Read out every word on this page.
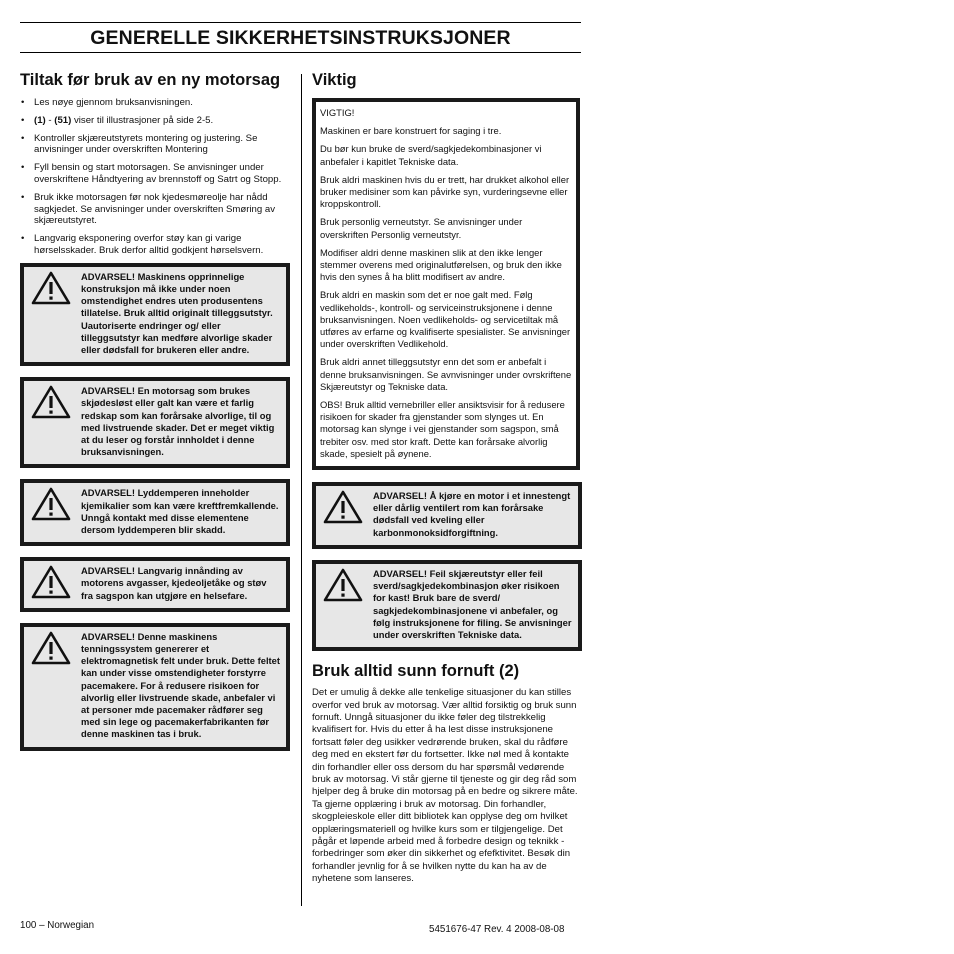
GENERELLE SIKKERHETSINSTRUKSJONER
Tiltak før bruk av en ny motorsag
• Les nøye gjennom bruksanvisningen.
• (1) - (51) viser til illustrasjoner på side 2-5.
• Kontroller skjæreutstyrets montering og justering. Se anvisninger under overskriften Montering
• Fyll bensin og start motorsagen. Se anvisninger under overskriftene Håndtyering av brennstoff og Satrt og Stopp.
• Bruk ikke motorsagen før nok kjedesmøreolje har nådd sagkjedet. Se anvisninger under overskriften Smøring av skjæreutstyret.
• Langvarig eksponering overfor støy kan gi varige hørselsskader. Bruk derfor alltid godkjent hørselsvern.
ADVARSEL! Maskinens opprinnelige konstruksjon må ikke under noen omstendighet endres uten produsentens tillatelse. Bruk alltid originalt tilleggsutstyr. Uautoriserte endringer og/ eller tilleggsutstyr kan medføre alvorlige skader eller dødsfall for brukeren eller andre.
ADVARSEL! En motorsag som brukes skjødesløst eller galt kan være et farlig redskap som kan forårsake alvorlige, til og med livstruende skader. Det er meget viktig at du leser og forstår innholdet i denne bruksanvisningen.
ADVARSEL! Lyddemperen inneholder kjemikalier som kan være kreftfremkallende. Unngå kontakt med disse elementene dersom lyddemperen blir skadd.
ADVARSEL! Langvarig innånding av motorens avgasser, kjedeoljetåke og støv fra sagspon kan utgjøre en helsefare.
ADVARSEL! Denne maskinens tenningssystem genererer et elektromagnetisk felt under bruk. Dette feltet kan under visse omstendigheter forstyrre pacemakere. For å redusere risikoen for alvorlig eller livstruende skade, anbefaler vi at personer mde pacemaker rådfører seg med sin lege og pacemakerfabrikanten før denne maskinen tas i bruk.
Viktig

VIGTIG!

Maskinen er bare konstruert for saging i tre.

Du bør kun bruke de sverd/sagkjedekombinasjoner vi anbefaler i kapitlet Tekniske data.

Bruk aldri maskinen hvis du er trett, har drukket alkohol eller bruker medisiner som kan påvirke syn, vurderingsevne eller kroppskontroll.

Bruk personlig verneutstyr. Se anvisninger under overskriften Personlig verneutstyr.

Modifiser aldri denne maskinen slik at den ikke lenger stemmer overens med originalutførelsen, og bruk den ikke hvis den synes å ha blitt modifisert av andre.

Bruk aldri en maskin som det er noe galt med. Følg vedlikeholds-, kontroll- og serviceinstruksjonene i denne bruksanvisningen. Noen vedlikeholds- og servicetiltak må utføres av erfarne og kvalifiserte spesialister. Se anvisninger under overskriften Vedlikehold.

Bruk aldri annet tilleggsutstyr enn det som er anbefalt i denne bruksanvisningen. Se avnvisninger under ovrskriftene Skjæreutstyr og Tekniske data.

OBS! Bruk alltid vernebriller eller ansiktsvisir for å redusere risikoen for skader fra gjenstander som slynges ut. En motorsag kan slynge i vei gjenstander som sagspon, små trebiter osv. med stor kraft. Dette kan forårsake alvorlig skade, spesielt på øynene.

ADVARSEL! Å kjøre en motor i et innestengt eller dårlig ventilert rom kan forårsake dødsfall ved kveling eller karbonmonoksidforgiftning.
ADVARSEL! Feil skjæreutstyr eller feil sverd/sagkjedekombinasjon øker risikoen for kast! Bruk bare de sverd/ sagkjedekombinasjonene vi anbefaler, og følg instruksjonene for filing. Se anvisninger under overskriften Tekniske data.
Bruk alltid sunn fornuft (2)
Det er umulig å dekke alle tenkelige situasjoner du kan stilles overfor ved bruk av motorsag. Vær alltid forsiktig og bruk sunn fornuft. Unngå situasjoner du ikke føler deg tilstrekkelig kvalifisert for. Hvis du etter å ha lest disse instruksjonene fortsatt føler deg usikker vedrørende bruken, skal du rådføre deg med en ekstert før du fortsetter. Ikke nøl med å kontakte din forhandler eller oss dersom du har spørsmål vedørende bruk av motorsag. Vi står gjerne til tjeneste og gir deg råd som hjelper deg å bruke din motorsag på en bedre og sikrere måte. Ta gjerne opplæring i bruk av motorsag. Din forhandler, skogpleieskole eller ditt bibliotek kan opplyse deg om hvilket opplæringsmateriell og hvilke kurs som er tilgjengelige. Det pågår et løpende arbeid med å forbedre design og teknikk - forbedringer som øker din sikkerhet og efefktivitet. Besøk din forhandler jevnlig for å se hvilken nytte du kan ha av de nyhetene som lanseres.
100 – Norwegian	5451676-47 Rev. 4 2008-08-08
